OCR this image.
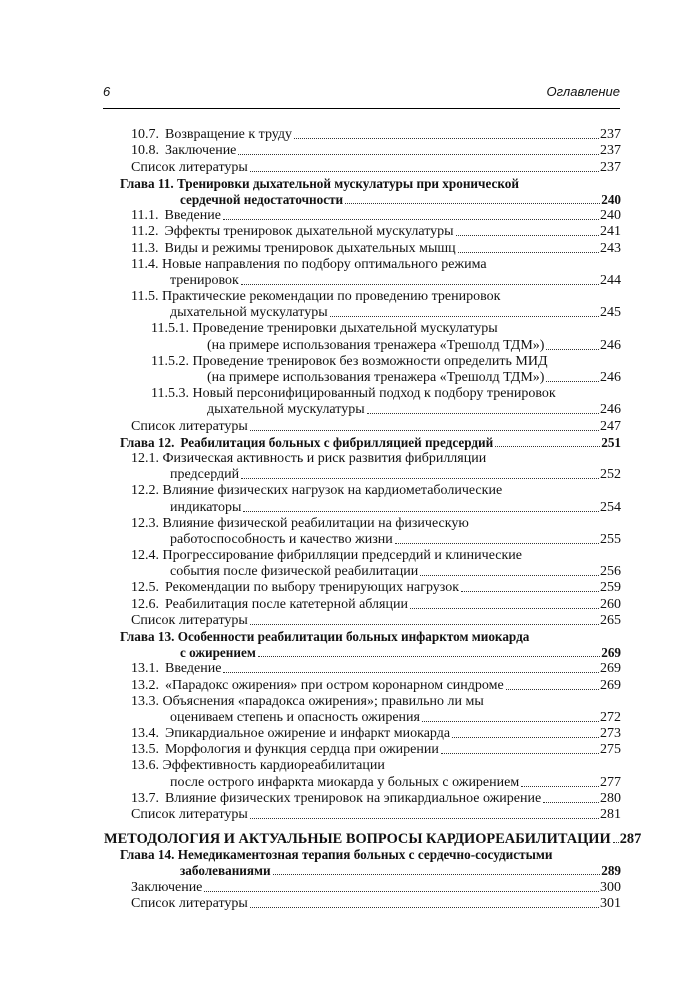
6	Оглавление
10.7. Возвращение к труду	237
10.8. Заключение	237
Список литературы	237
Глава 11. Тренировки дыхательной мускулатуры при хронической
сердечной недостаточности	240
11.1. Введение	240
11.2. Эффекты тренировок дыхательной мускулатуры	241
11.3. Виды и режимы тренировок дыхательных мышц	243
11.4. Новые направления по подбору оптимального режима
тренировок	244
11.5. Практические рекомендации по проведению тренировок
дыхательной мускулатуры	245
11.5.1. Проведение тренировки дыхательной мускулатуры
(на примере использования тренажера «Трешолд ТДМ»)	246
11.5.2. Проведение тренировок без возможности определить МИД
(на примере использования тренажера «Трешолд ТДМ»)	246
11.5.3. Новый персонифицированный подход к подбору тренировок
дыхательной мускулатуры	246
Список литературы	247
Глава 12. Реабилитация больных с фибрилляцией предсердий	251
12.1. Физическая активность и риск развития фибрилляции
предсердий	252
12.2. Влияние физических нагрузок на кардиометаболические
индикаторы	254
12.3. Влияние физической реабилитации на физическую
работоспособность и качество жизни	255
12.4. Прогрессирование фибрилляции предсердий и клинические
события после физической реабилитации	256
12.5. Рекомендации по выбору тренирующих нагрузок	259
12.6. Реабилитация после катетерной абляции	260
Список литературы	265
Глава 13. Особенности реабилитации больных инфарктом миокарда
с ожирением	269
13.1. Введение	269
13.2. «Парадокс ожирения» при остром коронарном синдроме	269
13.3. Объяснения «парадокса ожирения»; правильно ли мы
оцениваем степень и опасность ожирения	272
13.4. Эпикардиальное ожирение и инфаркт миокарда	273
13.5. Морфология и функция сердца при ожирении	275
13.6. Эффективность кардиореабилитации
после острого инфаркта миокарда у больных с ожирением	277
13.7. Влияние физических тренировок на эпикардиальное ожирение	280
Список литературы	281
МЕТОДОЛОГИЯ И АКТУАЛЬНЫЕ ВОПРОСЫ КАРДИОРЕАБИЛИТАЦИИ 287
Глава 14. Немедикаментозная терапия больных с сердечно-сосудистыми
заболеваниями	289
Заключение	300
Список литературы	301
